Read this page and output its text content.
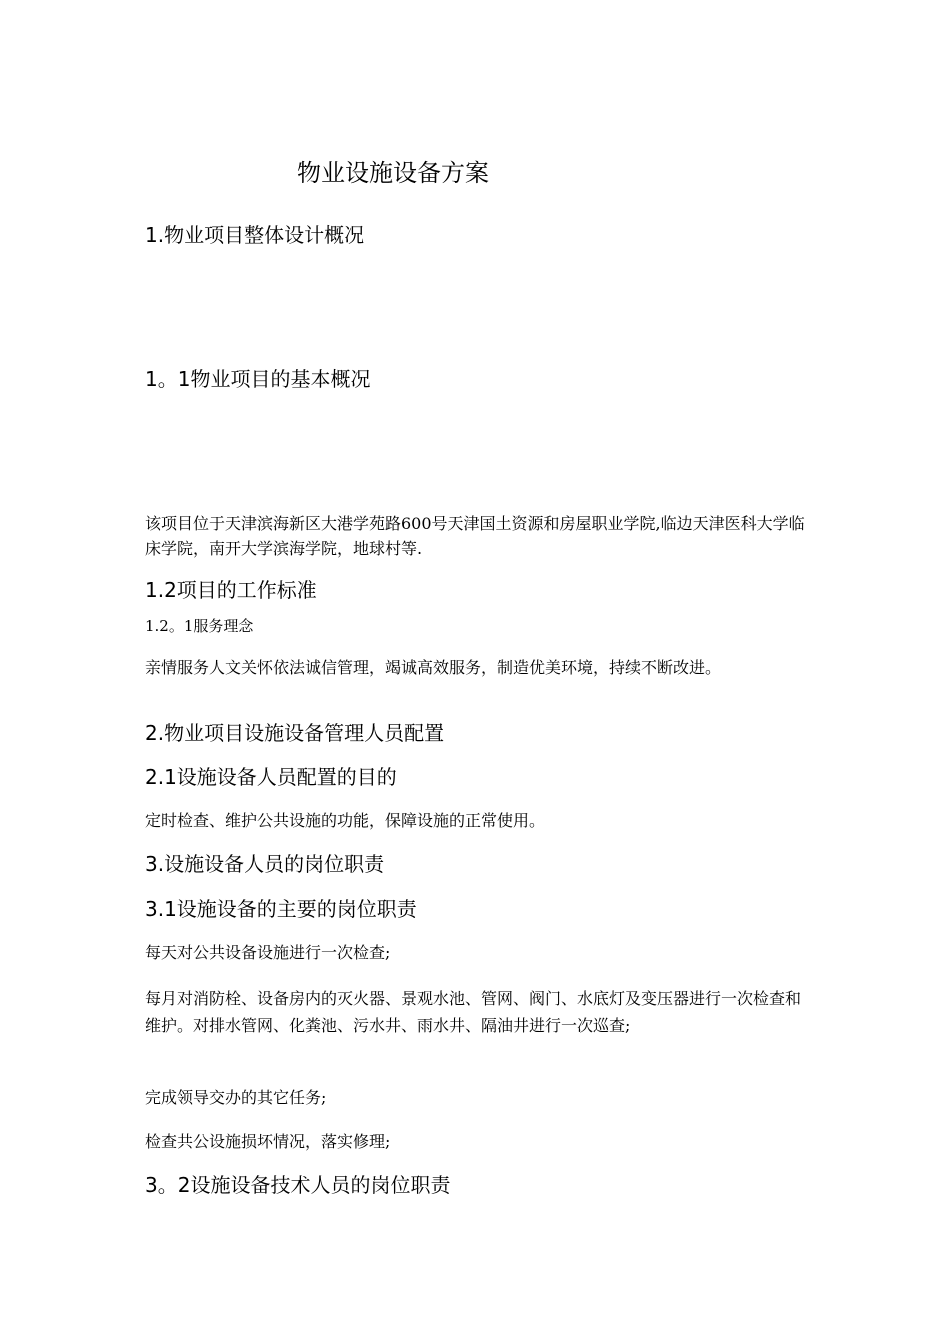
物业设施设备方案
1.物业项目整体设计概况
1。1物业项目的基本概况

该项目位于天津滨海新区大港学苑路600号天津国土资源和房屋职业学院,临边天津医科大学临床学院，南开大学滨海学院，地球村等.

1.2项目的工作标准
1.2。1服务理念

亲情服务人文关怀依法诚信管理，竭诚高效服务，制造优美环境，持续不断改进。

2.物业项目设施设备管理人员配置
2.1设施设备人员配置的目的

定时检查、维护公共设施的功能，保障设施的正常使用。

3.设施设备人员的岗位职责
3.1设施设备的主要的岗位职责

每天对公共设备设施进行一次检查;

每月对消防栓、设备房内的灭火器、景观水池、管网、阀门、水底灯及变压器进行一次检查和维护。对排水管网、化粪池、污水井、雨水井、隔油井进行一次巡查;

完成领导交办的其它任务;

检查共公设施损坏情况，落实修理;

3。2设施设备技术人员的岗位职责
